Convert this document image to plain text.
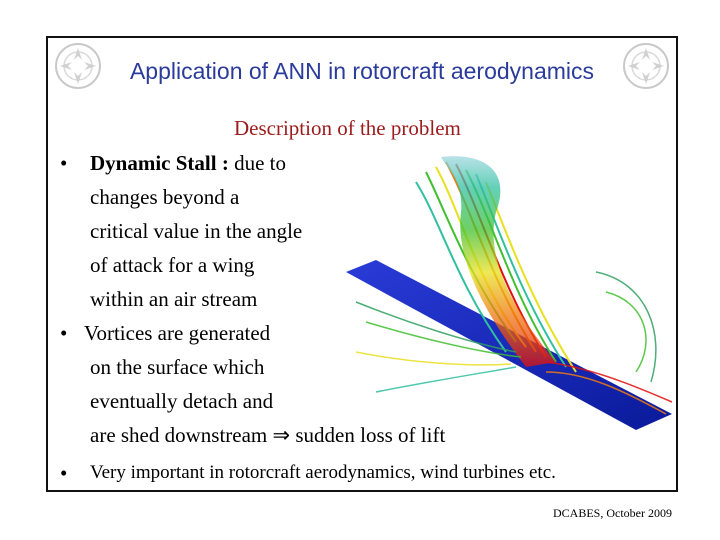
Application of ANN in rotorcraft aerodynamics
Description of the problem
• Dynamic Stall : due to
changes beyond a
critical value in the angle
of attack for a wing
within an air stream
• Vortices are generated
on the surface which
eventually detach and
are shed downstream ⇒ sudden loss of lift
• Very important in rotorcraft aerodynamics, wind turbines etc.
DCABES, October 2009
